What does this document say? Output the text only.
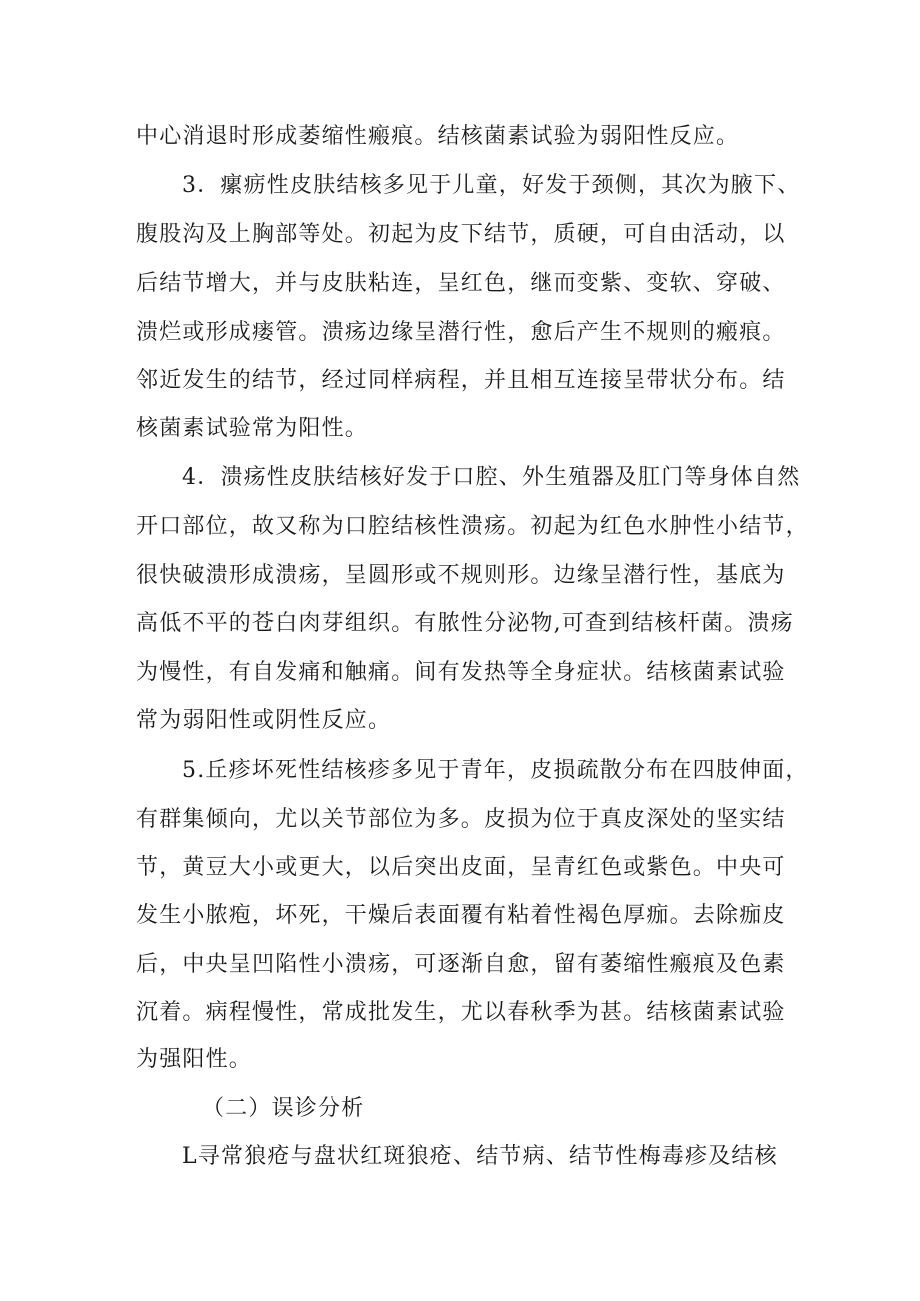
中心消退时形成萎缩性瘢痕。结核菌素试验为弱阳性反应。
3．瘰疬性皮肤结核多见于儿童，好发于颈侧，其次为腋下、
腹股沟及上胸部等处。初起为皮下结节，质硬，可自由活动，以
后结节增大，并与皮肤粘连，呈红色，继而变紫、变软、穿破、
溃烂或形成瘘管。溃疡边缘呈潜行性，愈后产生不规则的瘢痕。
邻近发生的结节，经过同样病程，并且相互连接呈带状分布。结
核菌素试验常为阳性。
4．溃疡性皮肤结核好发于口腔、外生殖器及肛门等身体自然
开口部位，故又称为口腔结核性溃疡。初起为红色水肿性小结节，
很快破溃形成溃疡，呈圆形或不规则形。边缘呈潜行性，基底为
高低不平的苍白肉芽组织。有脓性分泌物,可查到结核杆菌。溃疡
为慢性，有自发痛和触痛。间有发热等全身症状。结核菌素试验
常为弱阳性或阴性反应。
5.丘疹坏死性结核疹多见于青年，皮损疏散分布在四肢伸面，
有群集倾向，尤以关节部位为多。皮损为位于真皮深处的坚实结
节，黄豆大小或更大，以后突出皮面，呈青红色或紫色。中央可
发生小脓疱，坏死，干燥后表面覆有粘着性褐色厚痂。去除痂皮
后，中央呈凹陷性小溃疡，可逐渐自愈，留有萎缩性瘢痕及色素
沉着。病程慢性，常成批发生，尤以春秋季为甚。结核菌素试验
为强阳性。
（二）误诊分析
L寻常狼疮与盘状红斑狼疮、结节病、结节性梅毒疹及结核
